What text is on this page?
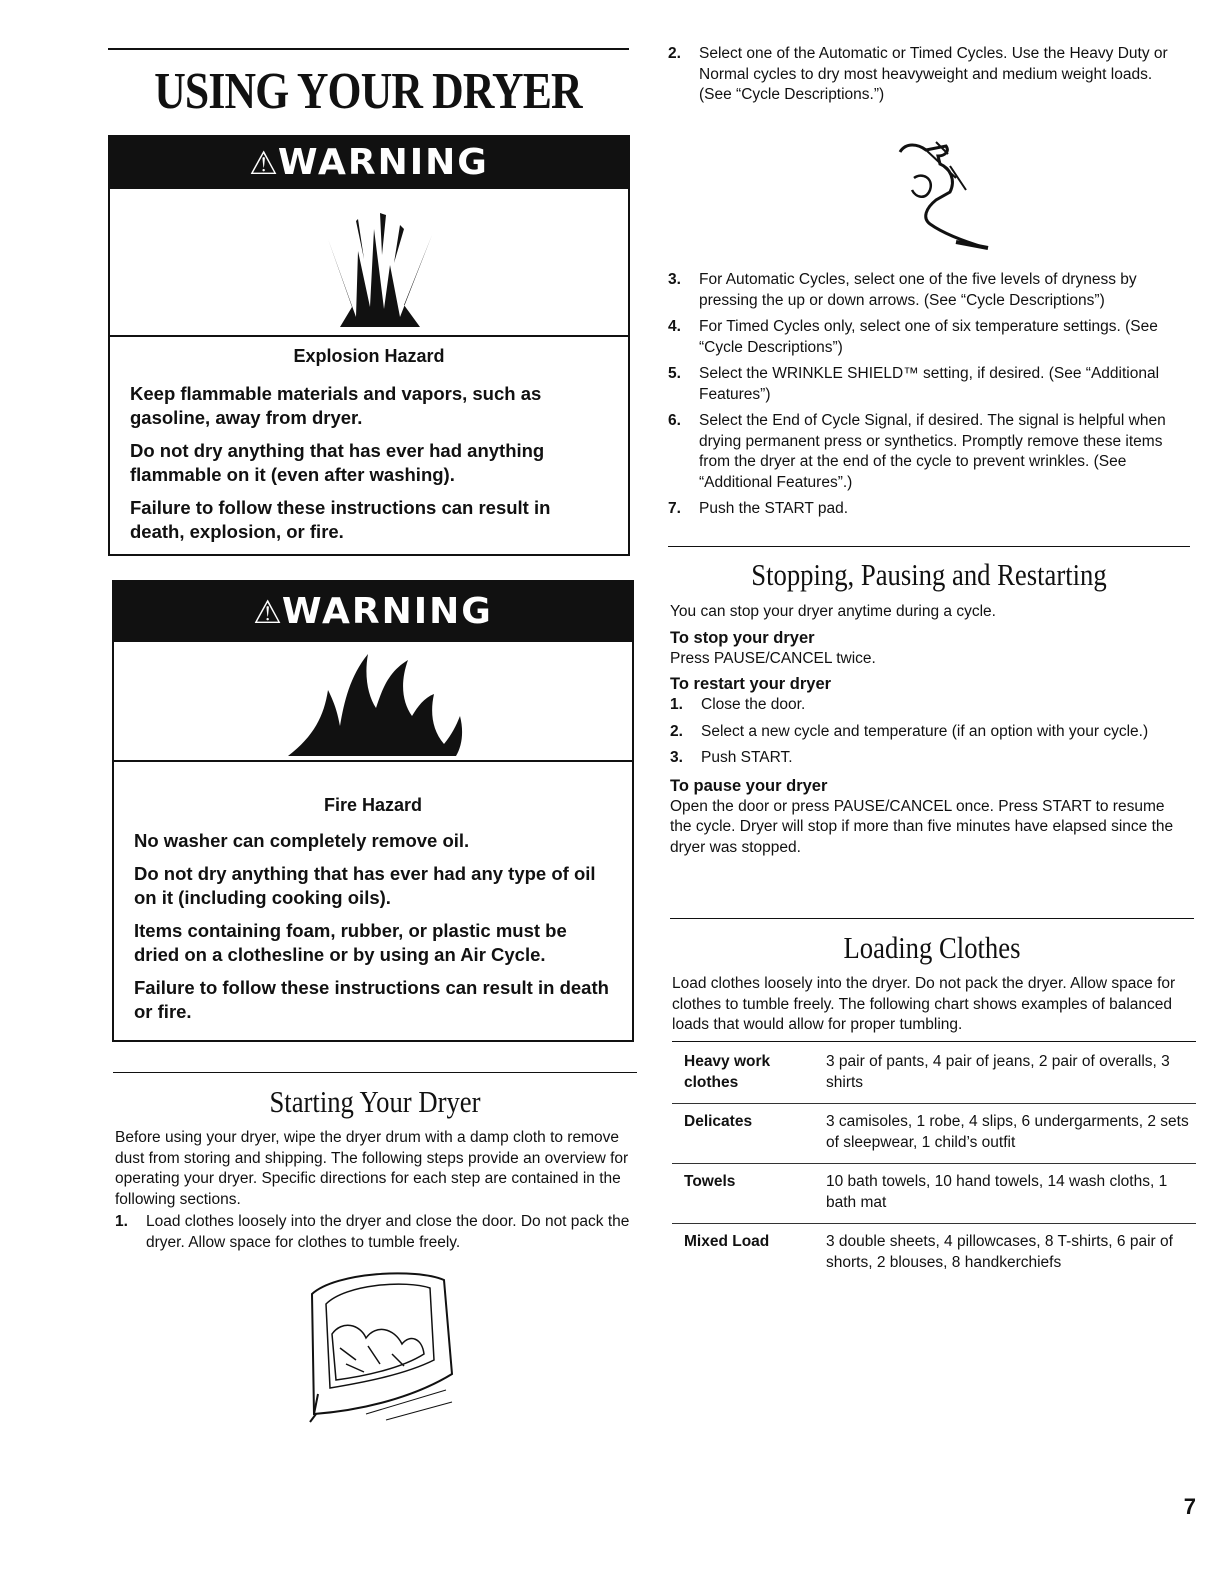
USING YOUR DRYER
⚠WARNING
Explosion Hazard

Keep flammable materials and vapors, such as gasoline, away from dryer.

Do not dry anything that has ever had anything flammable on it (even after washing).

Failure to follow these instructions can result in death, explosion, or fire.

⚠WARNING
Fire Hazard

No washer can completely remove oil.

Do not dry anything that has ever had any type of oil on it (including cooking oils).

Items containing foam, rubber, or plastic must be dried on a clothesline or by using an Air Cycle.

Failure to follow these instructions can result in death or fire.

Starting Your Dryer

Before using your dryer, wipe the dryer drum with a damp cloth to remove dust from storing and shipping. The following steps provide an overview for operating your dryer. Specific directions for each step are contained in the following sections.

1. Load clothes loosely into the dryer and close the door. Do not pack the dryer. Allow space for clothes to tumble freely.
2. Select one of the Automatic or Timed Cycles. Use the Heavy Duty or Normal cycles to dry most heavyweight and medium weight loads. (See “Cycle Descriptions.”)
3. For Automatic Cycles, select one of the five levels of dryness by pressing the up or down arrows. (See “Cycle Descriptions”)
4. For Timed Cycles only, select one of six temperature settings. (See “Cycle Descriptions”)
5. Select the WRINKLE SHIELD™ setting, if desired. (See “Additional Features”)
6. Select the End of Cycle Signal, if desired. The signal is helpful when drying permanent press or synthetics. Promptly remove these items from the dryer at the end of the cycle to prevent wrinkles. (See “Additional Features”.)
7. Push the START pad.
Stopping, Pausing and Restarting

You can stop your dryer anytime during a cycle.

To stop your dryer

Press PAUSE/CANCEL twice.

To restart your dryer
1. Close the door.
2. Select a new cycle and temperature (if an option with your cycle.)
3. Push START.
To pause your dryer

Open the door or press PAUSE/CANCEL once. Press START to resume the cycle. Dryer will stop if more than five minutes have elapsed since the dryer was stopped.

Loading Clothes

Load clothes loosely into the dryer. Do not pack the dryer. Allow space for clothes to tumble freely. The following chart shows examples of balanced loads that would allow for proper tumbling.

Heavy work clothes	3 pair of pants, 4 pair of jeans, 2 pair of overalls, 3 shirts
Delicates	3 camisoles, 1 robe, 4 slips, 6 undergarments, 2 sets of sleepwear, 1 child’s outfit
Towels	10 bath towels, 10 hand towels, 14 wash cloths, 1 bath mat
Mixed Load	3 double sheets, 4 pillowcases, 8 T-shirts, 6 pair of shorts, 2 blouses, 8 handkerchiefs
7
